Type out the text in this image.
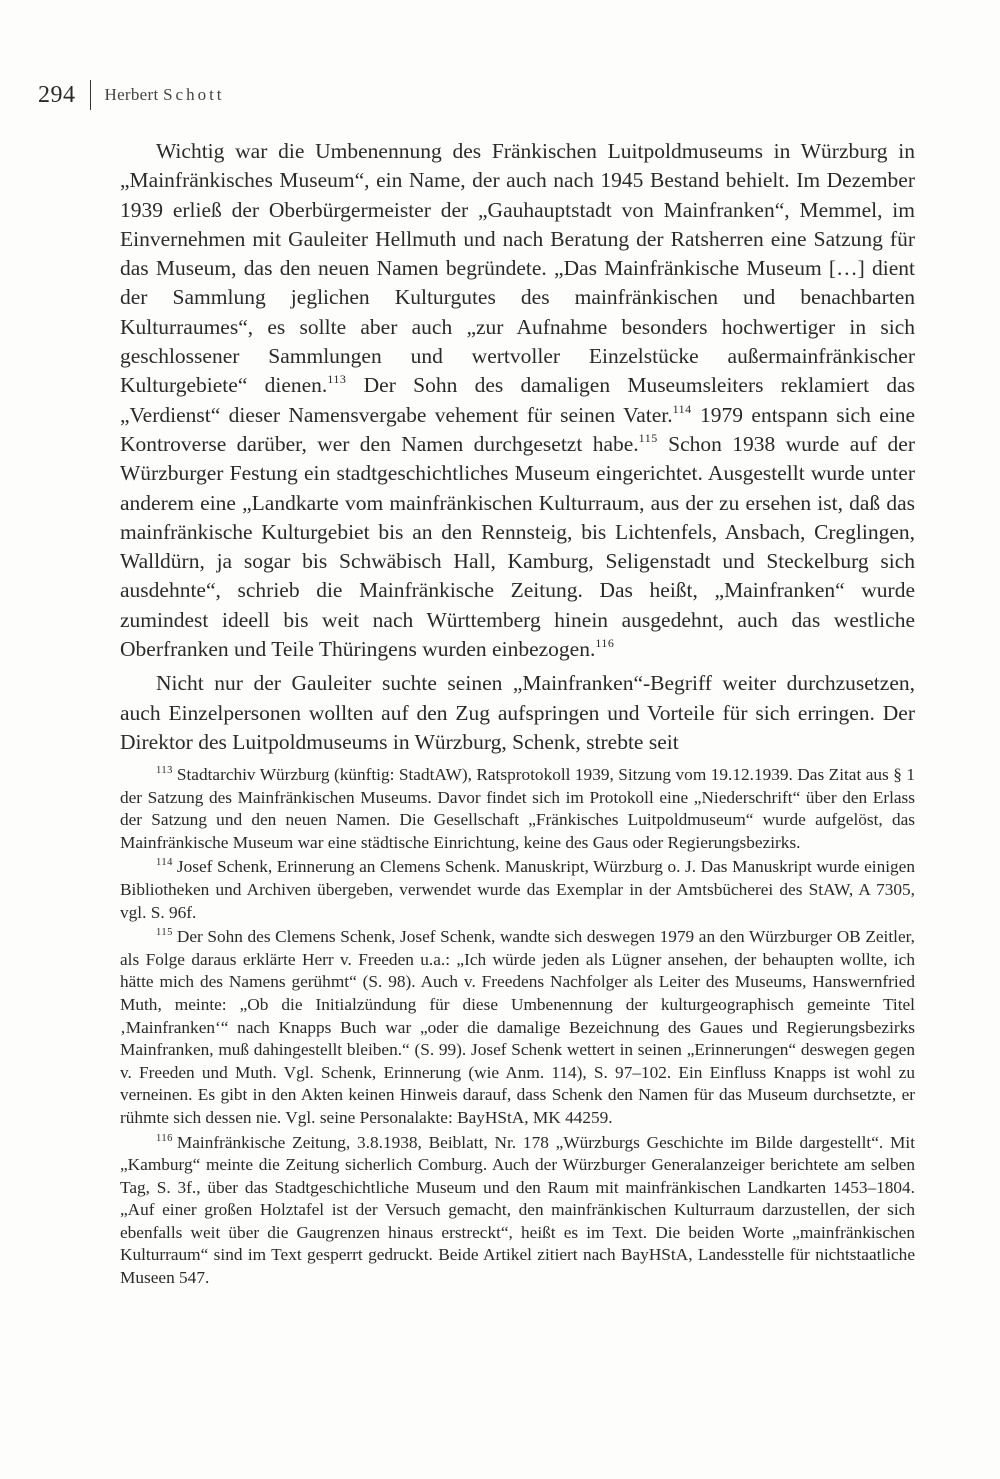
294 Herbert Schott

Wichtig war die Umbenennung des Fränkischen Luitpoldmuseums in Würzburg in „Mainfränkisches Museum“, ein Name, der auch nach 1945 Bestand behielt. Im Dezember 1939 erließ der Oberbürgermeister der „Gauhauptstadt von Mainfranken“, Memmel, im Einvernehmen mit Gauleiter Hellmuth und nach Beratung der Ratsherren eine Satzung für das Museum, das den neuen Namen begründete. „Das Mainfränkische Museum […] dient der Sammlung jeglichen Kulturgutes des mainfränkischen und benachbarten Kulturraumes“, es sollte aber auch „zur Aufnahme besonders hochwertiger in sich geschlossener Sammlungen und wertvoller Einzelstücke außermainfränkischer Kulturgebiete“ dienen.$^{113}$ Der Sohn des damaligen Museumsleiters reklamiert das „Verdienst“ dieser Namensvergabe vehement für seinen Vater.$^{114}$ 1979 entspann sich eine Kontroverse darüber, wer den Namen durchgesetzt habe.$^{115}$ Schon 1938 wurde auf der Würzburger Festung ein stadtgeschichtliches Museum eingerichtet. Ausgestellt wurde unter anderem eine „Landkarte vom mainfränkischen Kulturraum, aus der zu ersehen ist, daß das mainfränkische Kulturgebiet bis an den Rennsteig, bis Lichtenfels, Ansbach, Creglingen, Walldürn, ja sogar bis Schwäbisch Hall, Kamburg, Seligenstadt und Steckelburg sich ausdehnte“, schrieb die Mainfränkische Zeitung. Das heißt, „Mainfranken“ wurde zumindest ideell bis weit nach Württemberg hinein ausgedehnt, auch das westliche Oberfranken und Teile Thüringens wurden einbezogen.$^{116}$

Nicht nur der Gauleiter suchte seinen „Mainfranken“-Begriff weiter durchzusetzen, auch Einzelpersonen wollten auf den Zug aufspringen und Vorteile für sich erringen. Der Direktor des Luitpoldmuseums in Würzburg, Schenk, strebte seit

$^{113}$ Stadtarchiv Würzburg (künftig: StadtAW), Ratsprotokoll 1939, Sitzung vom 19.12.1939. Das Zitat aus § 1 der Satzung des Mainfränkischen Museums. Davor findet sich im Protokoll eine „Niederschrift“ über den Erlass der Satzung und den neuen Namen. Die Gesellschaft „Fränkisches Luitpoldmuseum“ wurde aufgelöst, das Mainfränkische Museum war eine städtische Einrichtung, keine des Gaus oder Regierungsbezirks.

$^{114}$ Josef Schenk, Erinnerung an Clemens Schenk. Manuskript, Würzburg o. J. Das Manuskript wurde einigen Bibliotheken und Archiven übergeben, verwendet wurde das Exemplar in der Amtsbücherei des StAW, A 7305, vgl. S. 96f.

$^{115}$ Der Sohn des Clemens Schenk, Josef Schenk, wandte sich deswegen 1979 an den Würzburger OB Zeitler, als Folge daraus erklärte Herr v. Freeden u.a.: „Ich würde jeden als Lügner ansehen, der behaupten wollte, ich hätte mich des Namens gerühmt“ (S. 98). Auch v. Freedens Nachfolger als Leiter des Museums, Hanswernfried Muth, meinte: „Ob die Initialzündung für diese Umbenennung der kulturgeographisch gemeinte Titel ‚Mainfranken‘“ nach Knapps Buch war „oder die damalige Bezeichnung des Gaues und Regierungsbezirks Mainfranken, muß dahingestellt bleiben.“ (S. 99). Josef Schenk wettert in seinen „Erinnerungen“ deswegen gegen v. Freeden und Muth. Vgl. Schenk, Erinnerung (wie Anm. 114), S. 97–102. Ein Einfluss Knapps ist wohl zu verneinen. Es gibt in den Akten keinen Hinweis darauf, dass Schenk den Namen für das Museum durchsetzte, er rühmte sich dessen nie. Vgl. seine Personalakte: BayHStA, MK 44259.

$^{116}$ Mainfränkische Zeitung, 3.8.1938, Beiblatt, Nr. 178 „Würzburgs Geschichte im Bilde dargestellt“. Mit „Kamburg“ meinte die Zeitung sicherlich Comburg. Auch der Würzburger Generalanzeiger berichtete am selben Tag, S. 3f., über das Stadtgeschichtliche Museum und den Raum mit mainfränkischen Landkarten 1453–1804. „Auf einer großen Holztafel ist der Versuch gemacht, den mainfränkischen Kulturraum darzustellen, der sich ebenfalls weit über die Gaugrenzen hinaus erstreckt“, heißt es im Text. Die beiden Worte „mainfränkischen Kulturraum“ sind im Text gesperrt gedruckt. Beide Artikel zitiert nach BayHStA, Landesstelle für nichtstaatliche Museen 547.
